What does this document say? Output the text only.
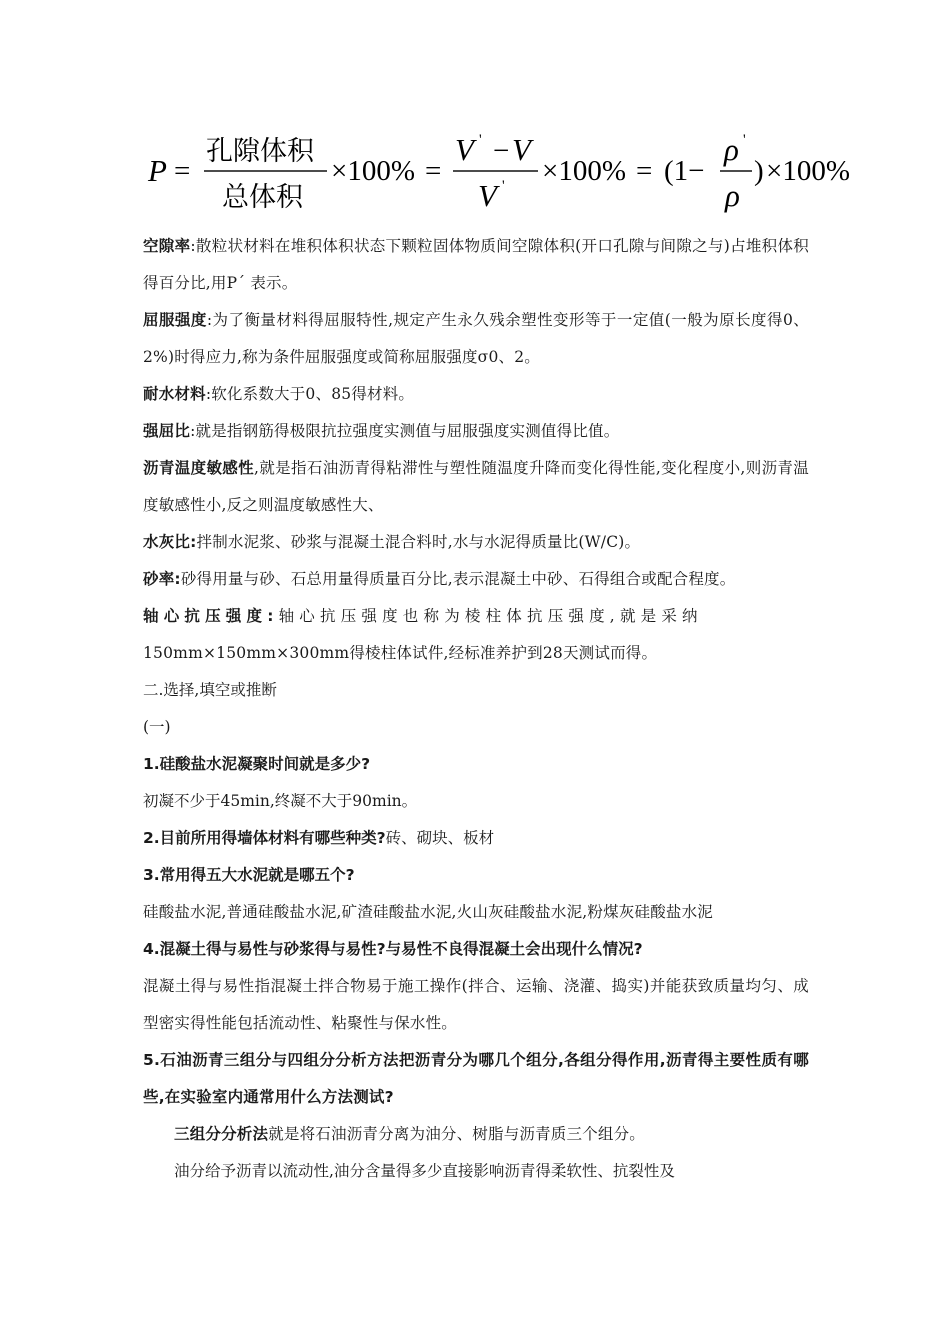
P =
孔隙体积
总体积
×100% =
V ' − V
V ' ×100% = (1−
ρ '
ρ
) ×100%

空隙率:散粒状材料在堆积体积状态下颗粒固体物质间空隙体积(开口孔隙与间隙之与)占堆积体积得百分比,用P´ 表示。

屈服强度:为了衡量材料得屈服特性,规定产生永久残余塑性变形等于一定值(一般为原长度得0、2%)时得应力,称为条件屈服强度或简称屈服强度σ0、2。

耐水材料:软化系数大于0、85得材料。

强屈比:就是指钢筋得极限抗拉强度实测值与屈服强度实测值得比值。

沥青温度敏感性,就是指石油沥青得粘滞性与塑性随温度升降而变化得性能,变化程度小,则沥青温度敏感性小,反之则温度敏感性大、

水灰比:拌制水泥浆、砂浆与混凝土混合料时,水与水泥得质量比(W/C)。

砂率:砂得用量与砂、石总用量得质量百分比,表示混凝土中砂、石得组合或配合程度。

轴心抗压强度:轴心抗压强度也称为棱柱体抗压强度,就是采纳
150mm×150mm×300mm得棱柱体试件,经标准养护到28天测试而得。

二.选择,填空或推断

(一)

1.硅酸盐水泥凝聚时间就是多少?

初凝不少于45min,终凝不大于90min。

2.目前所用得墙体材料有哪些种类?砖、砌块、板材

3.常用得五大水泥就是哪五个?

硅酸盐水泥,普通硅酸盐水泥,矿渣硅酸盐水泥,火山灰硅酸盐水泥,粉煤灰硅酸盐水泥

4.混凝土得与易性与砂浆得与易性?与易性不良得混凝土会出现什么情况?

混凝土得与易性指混凝土拌合物易于施工操作(拌合、运输、浇灌、捣实)并能获致质量均匀、成型密实得性能包括流动性、粘聚性与保水性。

5.石油沥青三组分与四组分分析方法把沥青分为哪几个组分,各组分得作用,沥青得主要性质有哪些,在实验室内通常用什么方法测试?

三组分分析法就是将石油沥青分离为油分、树脂与沥青质三个组分。

油分给予沥青以流动性,油分含量得多少直接影响沥青得柔软性、抗裂性及
